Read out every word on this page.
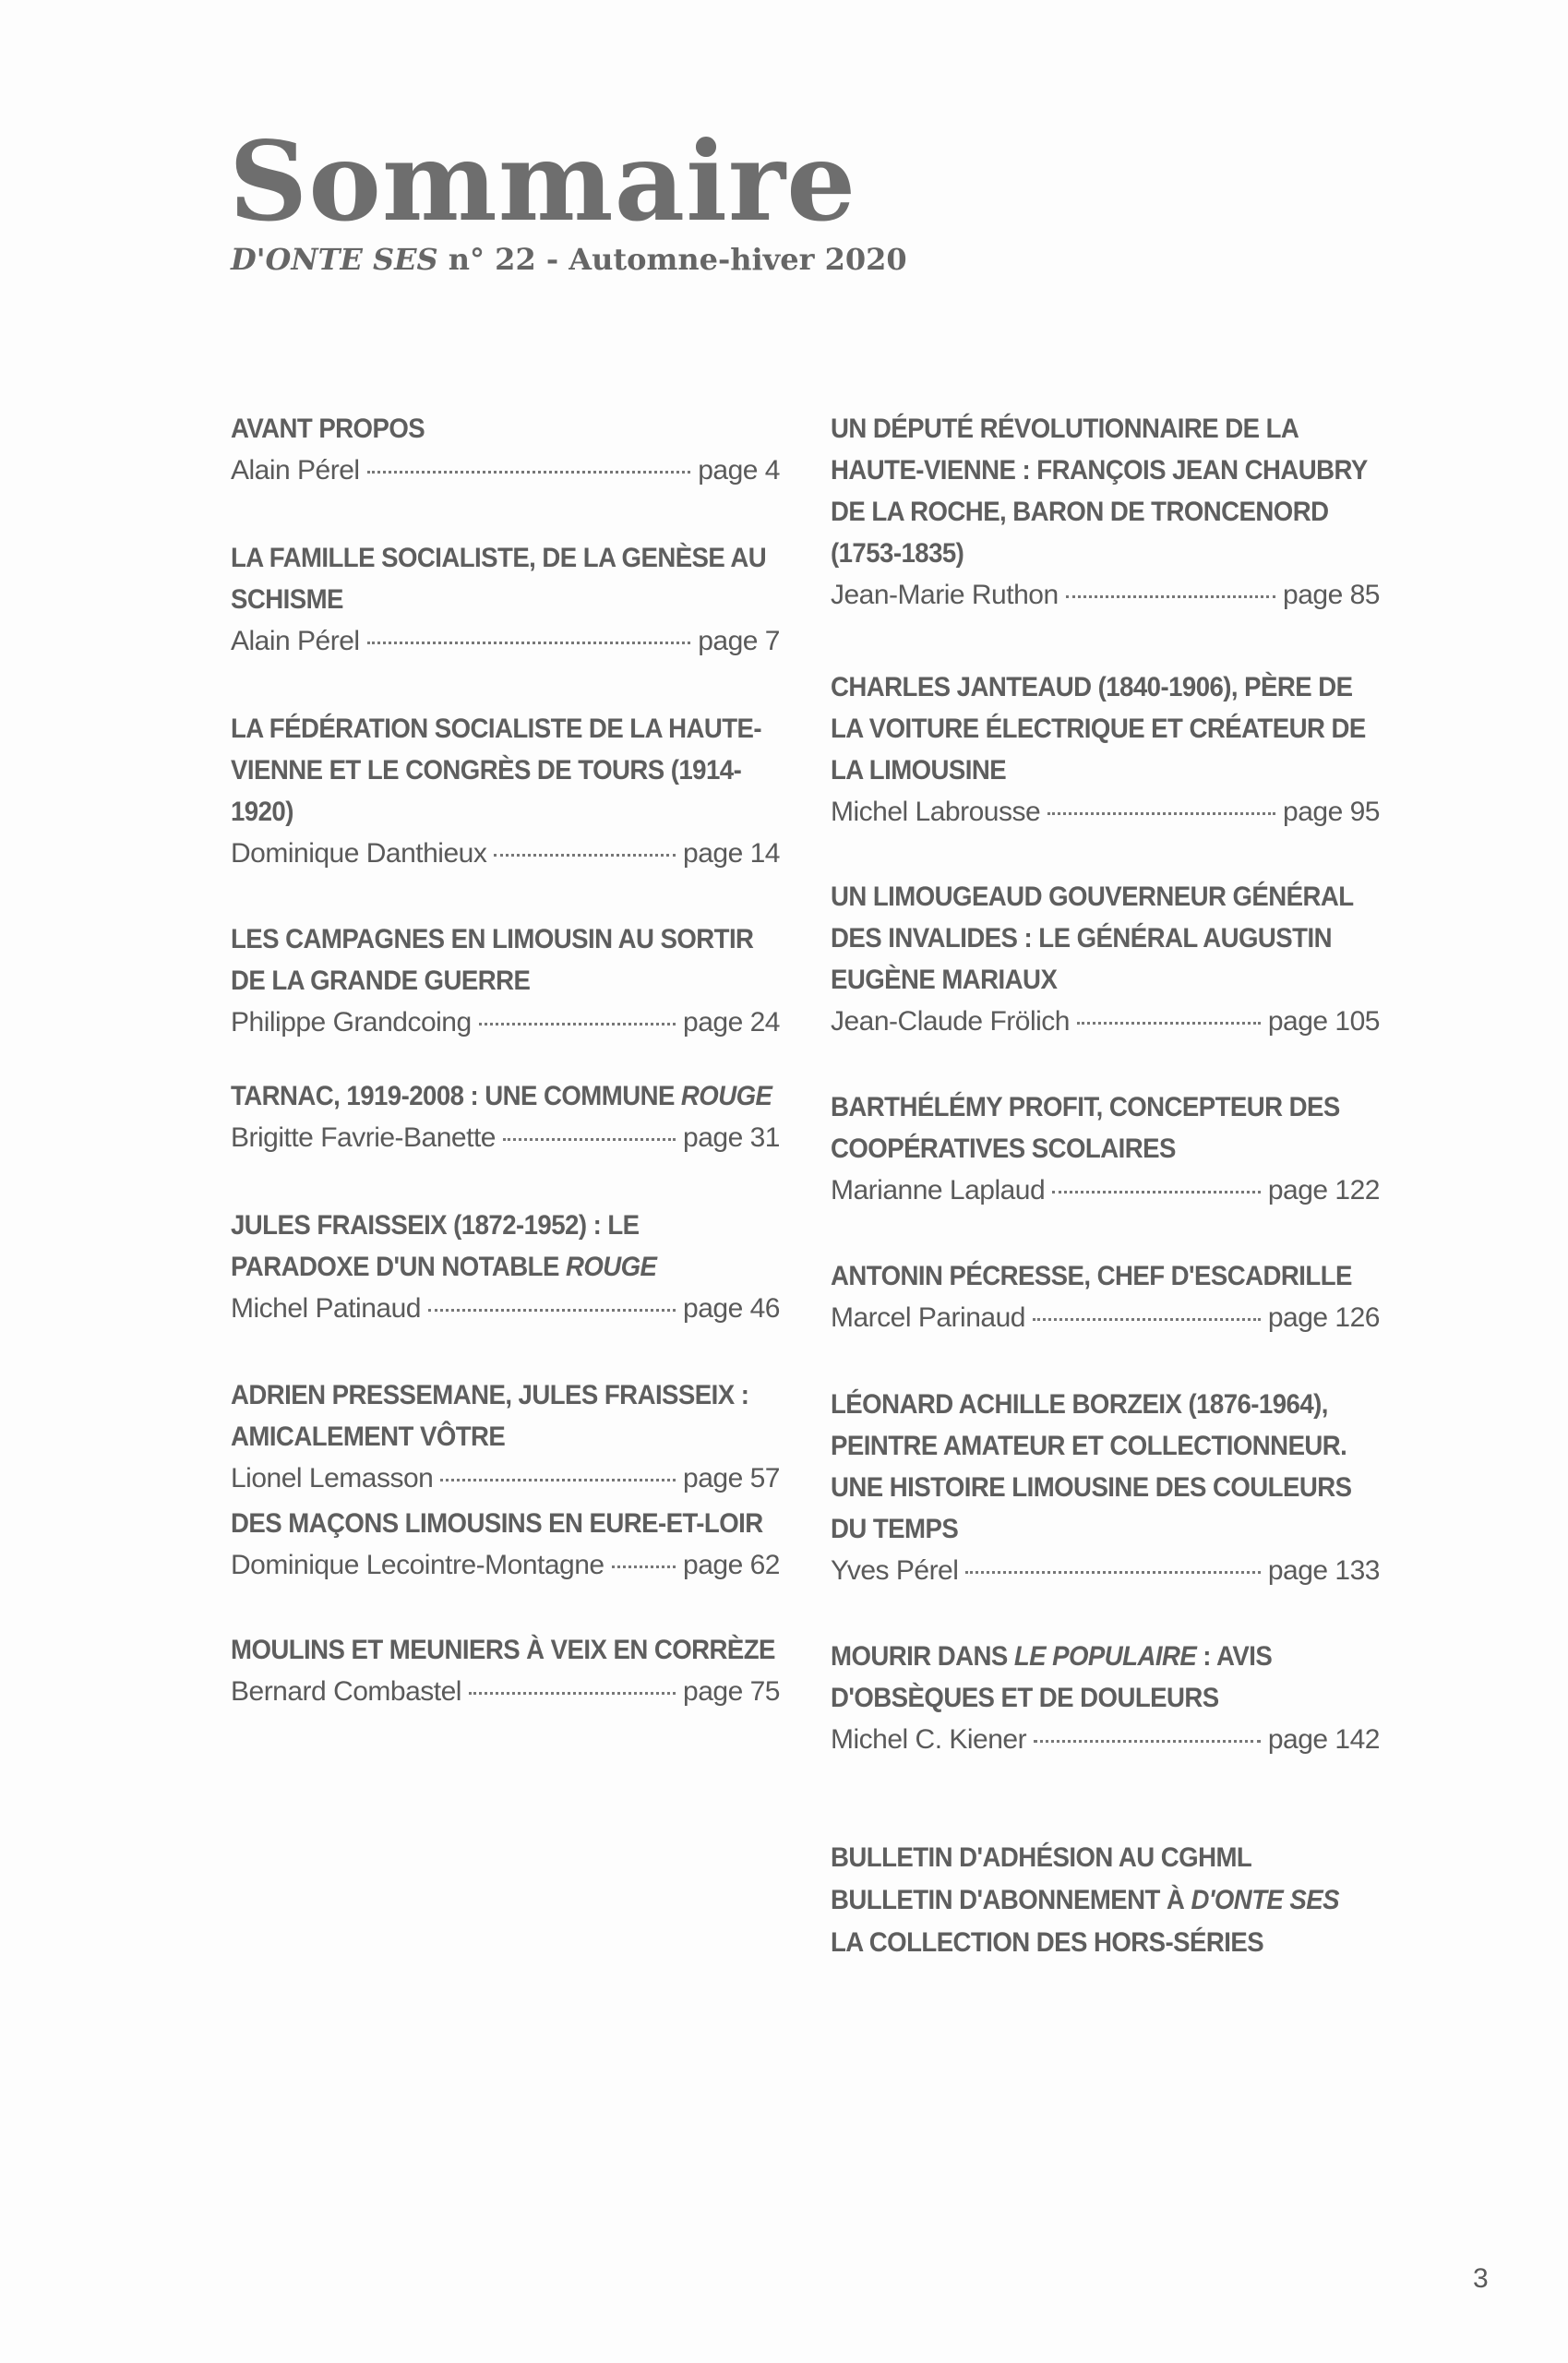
Sommaire

D'ONTE SES n° 22 - Automne-hiver 2020

AVANT PROPOS
Alain Pérel	page 4
LA FAMILLE SOCIALISTE, DE LA GENÈSE AU SCHISME
Alain Pérel	page 7
LA FÉDÉRATION SOCIALISTE DE LA HAUTE-VIENNE ET LE CONGRÈS DE TOURS (1914-1920)
Dominique Danthieux	page 14
LES CAMPAGNES EN LIMOUSIN AU SORTIR DE LA GRANDE GUERRE
Philippe Grandcoing	page 24
TARNAC, 1919-2008 : UNE COMMUNE ROUGE
Brigitte Favrie-Banette	page 31
JULES FRAISSEIX (1872-1952) : LE PARADOXE D'UN NOTABLE ROUGE
Michel Patinaud	page 46
ADRIEN PRESSEMANE, JULES FRAISSEIX : AMICALEMENT VÔTRE
Lionel Lemasson	page 57
DES MAÇONS LIMOUSINS EN EURE-ET-LOIR
Dominique Lecointre-Montagne	page 62
MOULINS ET MEUNIERS À VEIX EN CORRÈZE
Bernard Combastel	page 75
UN DÉPUTÉ RÉVOLUTIONNAIRE DE LA HAUTE-VIENNE : FRANÇOIS JEAN CHAUBRY DE LA ROCHE, BARON DE TRONCENORD (1753-1835)
Jean-Marie Ruthon	page 85
CHARLES JANTEAUD (1840-1906), PÈRE DE LA VOITURE ÉLECTRIQUE ET CRÉATEUR DE LA LIMOUSINE
Michel Labrousse	page 95
UN LIMOUGEAUD GOUVERNEUR GÉNÉRAL DES INVALIDES : LE GÉNÉRAL AUGUSTIN EUGÈNE MARIAUX
Jean-Claude Frölich	page 105
BARTHÉLÉMY PROFIT, CONCEPTEUR DES COOPÉRATIVES SCOLAIRES
Marianne Laplaud	page 122
ANTONIN PÉCRESSE, CHEF D'ESCADRILLE
Marcel Parinaud	page 126
LÉONARD ACHILLE BORZEIX (1876-1964), PEINTRE AMATEUR ET COLLECTIONNEUR. UNE HISTOIRE LIMOUSINE DES COULEURS DU TEMPS
Yves Pérel	page 133
MOURIR DANS LE POPULAIRE : AVIS D'OBSÈQUES ET DE DOULEURS
Michel C. Kiener	page 142
BULLETIN D'ADHÉSION AU CGHML
BULLETIN D'ABONNEMENT À D'ONTE SES
LA COLLECTION DES HORS-SÉRIES
3
